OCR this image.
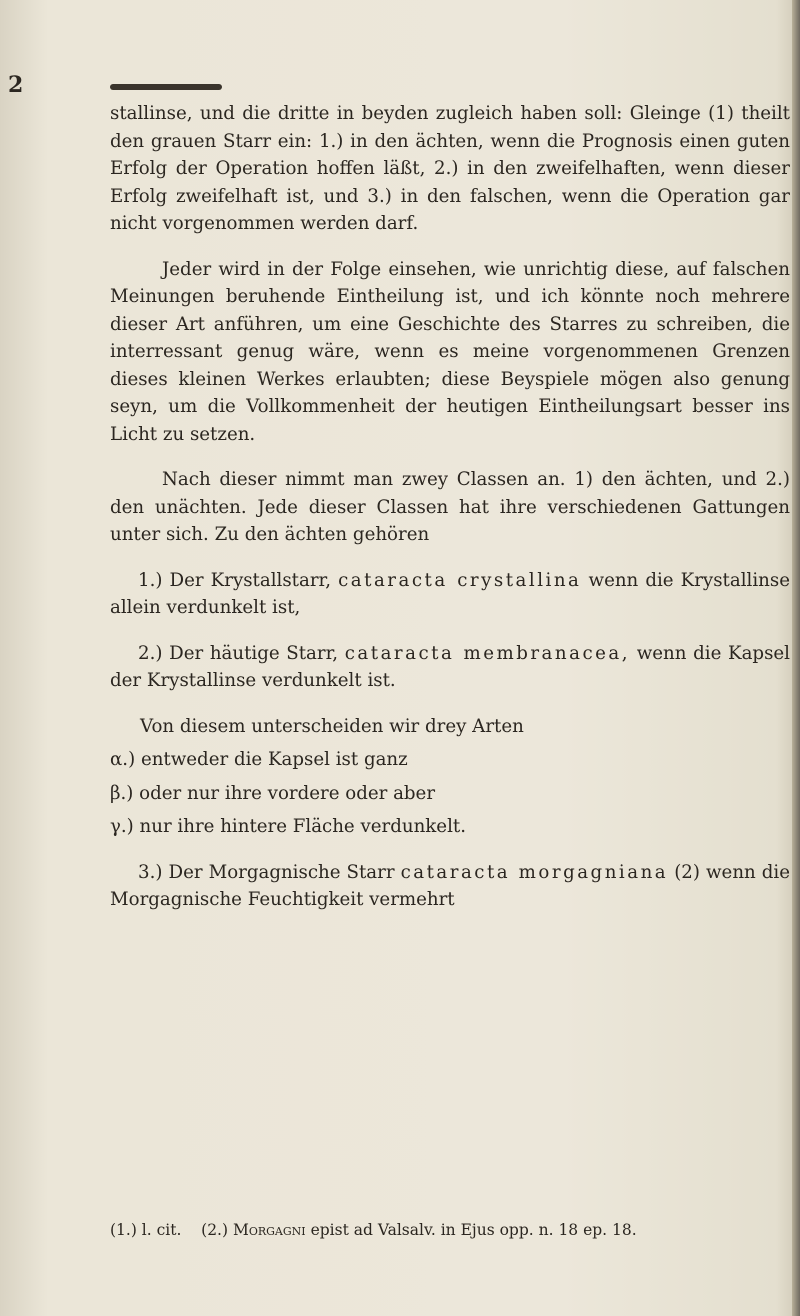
2

stallinse, und die dritte in beyden zugleich haben soll: Gleinge (1) theilt den grauen Starr ein: 1.) in den ächten, wenn die Prognosis einen guten Erfolg der Operation hoffen läßt, 2.) in den zweifelhaften, wenn dieser Erfolg zweifelhaft ist, und 3.) in den falschen, wenn die Operation gar nicht vorgenommen werden darf.

Jeder wird in der Folge einsehen, wie unrichtig diese, auf falschen Meinungen beruhende Eintheilung ist, und ich könnte noch mehrere dieser Art anführen, um eine Geschichte des Starres zu schreiben, die interressant genug wäre, wenn es meine vorgenommenen Grenzen dieses kleinen Werkes erlaubten; diese Beyspiele mögen also genung seyn, um die Vollkommenheit der heutigen Eintheilungsart besser ins Licht zu setzen.

Nach dieser nimmt man zwey Classen an. 1) den ächten, und 2.) den unächten. Jede dieser Classen hat ihre verschiedenen Gattungen unter sich. Zu den ächten gehören

1.) Der Krystallstarr, cataracta crystallina wenn die Krystallinse allein verdunkelt ist,

2.) Der häutige Starr, cataracta membranacea, wenn die Kapsel der Krystallinse verdunkelt ist.

Von diesem unterscheiden wir drey Arten

α.) entweder die Kapsel ist ganz

β.) oder nur ihre vordere oder aber

γ.) nur ihre hintere Fläche verdunkelt.

3.) Der Morgagnische Starr cataracta morgagniana (2) wenn die Morgagnische Feuchtigkeit vermehrt

(1.) l. cit. (2.) Morgagni epist ad Valsalv. in Ejus opp. n. 18 ep. 18.
